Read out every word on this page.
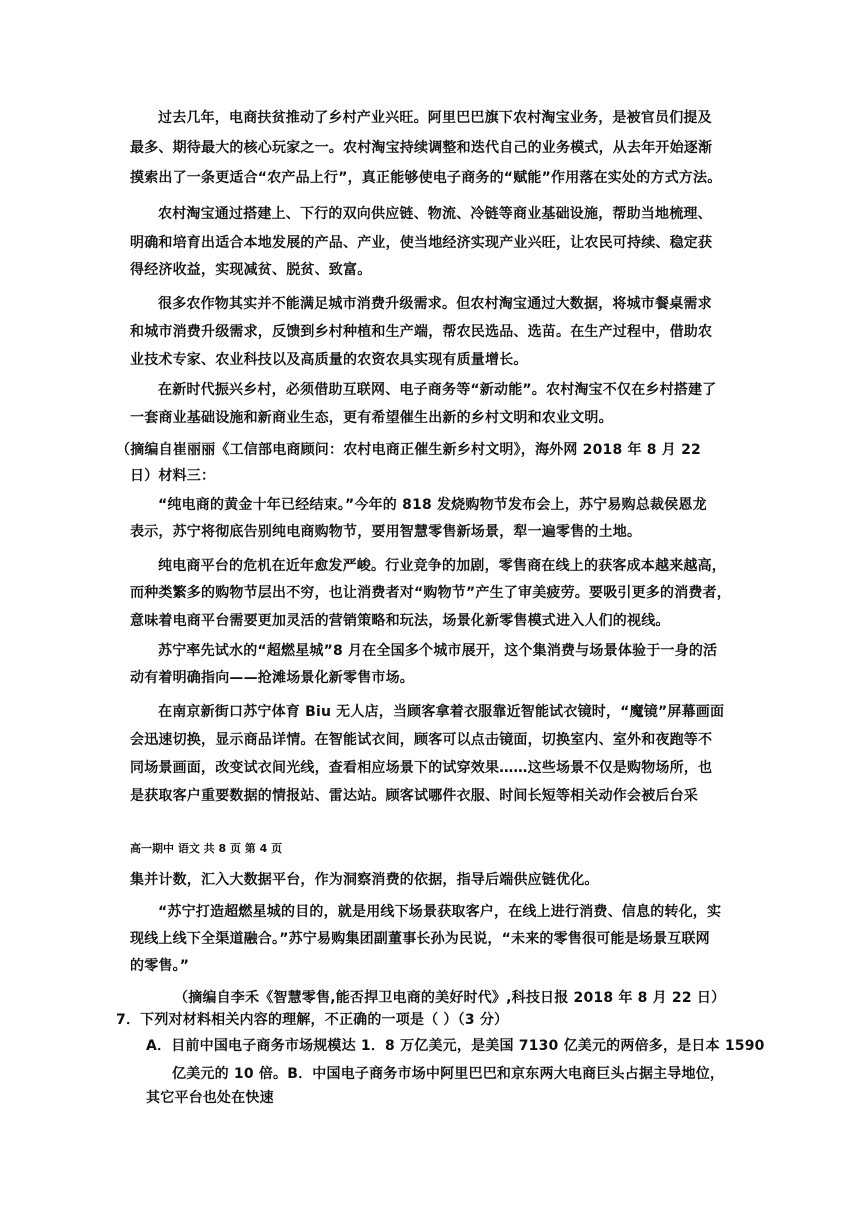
过去几年，电商扶贫推动了乡村产业兴旺。阿里巴巴旗下农村淘宝业务，是被官员们提及
最多、期待最大的核心玩家之一。农村淘宝持续调整和迭代自己的业务模式，从去年开始逐渐
摸索出了一条更适合“农产品上行”，真正能够使电子商务的“赋能”作用落在实处的方式方法。
农村淘宝通过搭建上、下行的双向供应链、物流、冷链等商业基础设施，帮助当地梳理、
明确和培育出适合本地发展的产品、产业，使当地经济实现产业兴旺，让农民可持续、稳定获
得经济收益，实现减贫、脱贫、致富。
很多农作物其实并不能满足城市消费升级需求。但农村淘宝通过大数据，将城市餐桌需求
和城市消费升级需求，反馈到乡村种植和生产端，帮农民选品、选苗。在生产过程中，借助农
业技术专家、农业科技以及高质量的农资农具实现有质量增长。
在新时代振兴乡村，必须借助互联网、电子商务等“新动能”。农村淘宝不仅在乡村搭建了
一套商业基础设施和新商业生态，更有希望催生出新的乡村文明和农业文明。
（摘编自崔丽丽《工信部电商顾问：农村电商正催生新乡村文明》，海外网 2018 年 8 月 22
日）材料三：
“纯电商的黄金十年已经结束。”今年的 818 发烧购物节发布会上，苏宁易购总裁侯恩龙
表示，苏宁将彻底告别纯电商购物节，要用智慧零售新场景，犁一遍零售的土地。
纯电商平台的危机在近年愈发严峻。行业竞争的加剧，零售商在线上的获客成本越来越高，
而种类繁多的购物节层出不穷，也让消费者对“购物节”产生了审美疲劳。要吸引更多的消费者，
意味着电商平台需要更加灵活的营销策略和玩法，场景化新零售模式进入人们的视线。
苏宁率先试水的“超燃星城”8 月在全国多个城市展开，这个集消费与场景体验于一身的活
动有着明确指向——抢滩场景化新零售市场。
在南京新街口苏宁体育 Biu 无人店，当顾客拿着衣服靠近智能试衣镜时，“魔镜”屏幕画面
会迅速切换，显示商品详情。在智能试衣间，顾客可以点击镜面，切换室内、室外和夜跑等不
同场景画面，改变试衣间光线，查看相应场景下的试穿效果……这些场景不仅是购物场所，也
是获取客户重要数据的情报站、雷达站。顾客试哪件衣服、时间长短等相关动作会被后台采
高一期中 语文 共 8 页 第 4 页
集并计数，汇入大数据平台，作为洞察消费的依据，指导后端供应链优化。
“苏宁打造超燃星城的目的，就是用线下场景获取客户，在线上进行消费、信息的转化，实
现线上线下全渠道融合。”苏宁易购集团副董事长孙为民说，“未来的零售很可能是场景互联网
的零售。”
（摘编自李禾《智慧零售,能否捍卫电商的美好时代》,科技日报 2018 年 8 月 22 日）
7．下列对材料相关内容的理解，不正确的一项是（ ）（3 分）
A．目前中国电子商务市场规模达 1．8 万亿美元，是美国 7130 亿美元的两倍多，是日本 1590
亿美元的 10 倍。B．中国电子商务市场中阿里巴巴和京东两大电商巨头占据主导地位，
其它平台也处在快速
